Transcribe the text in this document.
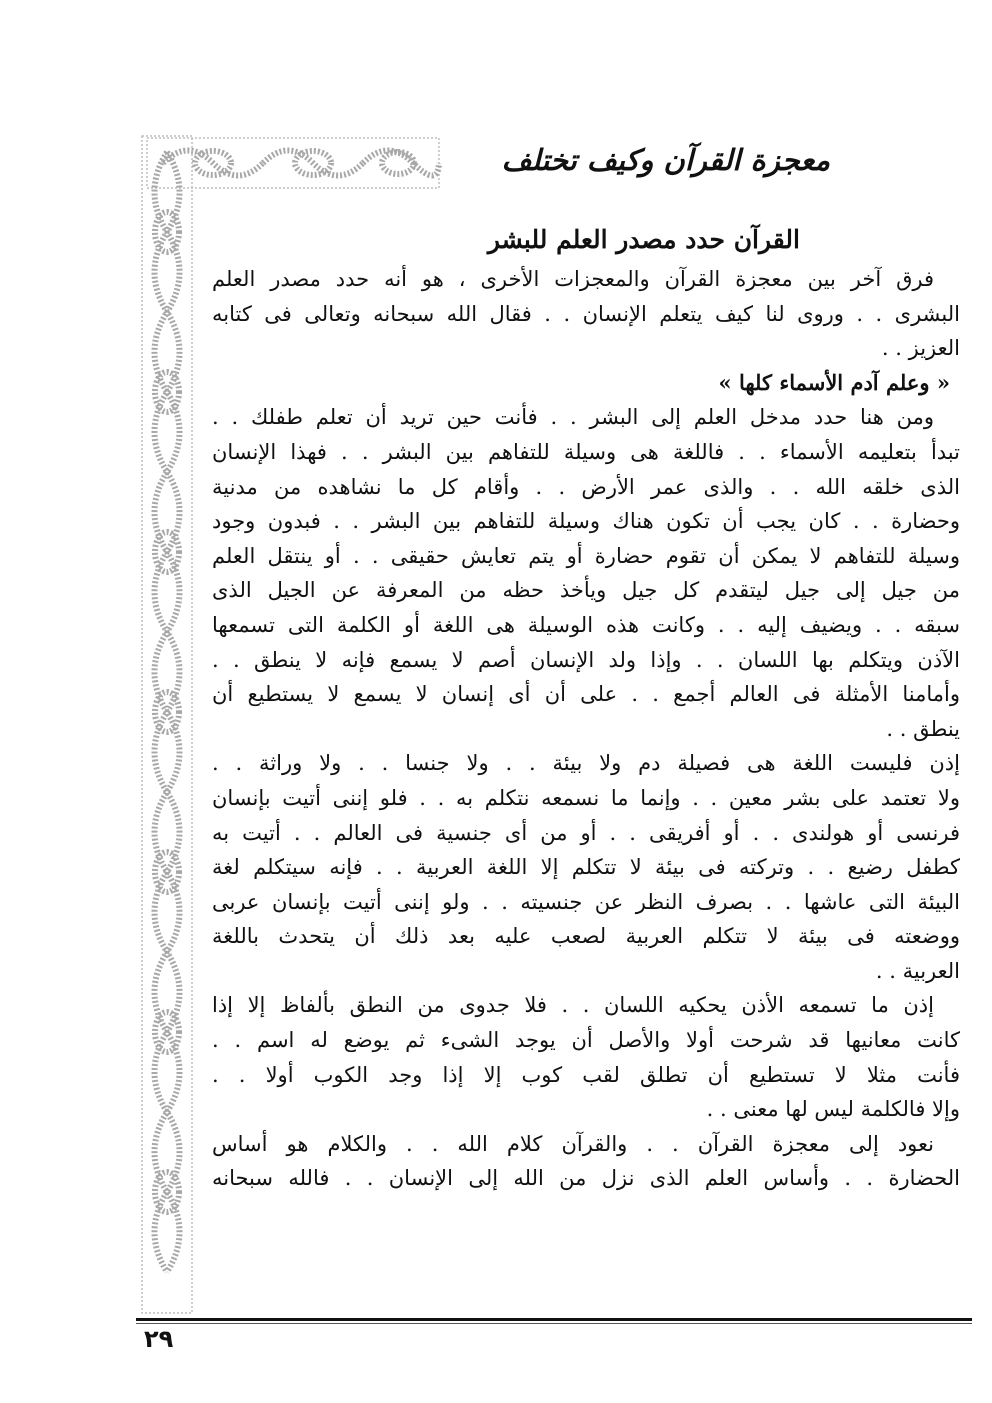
معجزة القرآن وكيف تختلف
القرآن حدد مصدر العلم للبشر
فرق آخر بين معجزة القرآن والمعجزات الأخرى ، هو أنه حدد مصدر العلم
البشرى . . وروى لنا كيف يتعلم الإنسان . . فقال الله سبحانه وتعالى فى كتابه
العزيز . .
« وعلم آدم الأسماء كلها »
ومن هنا حدد مدخل العلم إلى البشر . . فأنت حين تريد أن تعلم طفلك . .
تبدأ بتعليمه الأسماء . . فاللغة هى وسيلة للتفاهم بين البشر . . فهذا الإنسان
الذى خلقه الله . . والذى عمر الأرض . . وأقام كل ما نشاهده من مدنية
وحضارة . . كان يجب أن تكون هناك وسيلة للتفاهم بين البشر . . فبدون وجود
وسيلة للتفاهم لا يمكن أن تقوم حضارة أو يتم تعايش حقيقى . . أو ينتقل العلم
من جيل إلى جيل ليتقدم كل جيل ويأخذ حظه من المعرفة عن الجيل الذى
سبقه . . ويضيف إليه . . وكانت هذه الوسيلة هى اللغة أو الكلمة التى تسمعها
الآذن ويتكلم بها اللسان . . وإذا ولد الإنسان أصم لا يسمع فإنه لا ينطق . .
وأمامنا الأمثلة فى العالم أجمع . . على أن أى إنسان لا يسمع لا يستطيع أن
ينطق . .
إذن فليست اللغة هى فصيلة دم ولا بيئة . . ولا جنسا . . ولا وراثة . .
ولا تعتمد على بشر معين . . وإنما ما نسمعه نتكلم به . . فلو إننى أتيت بإنسان
فرنسى أو هولندى . . أو أفريقى . . أو من أى جنسية فى العالم . . أتيت به
كطفل رضيع . . وتركته فى بيئة لا تتكلم إلا اللغة العربية . . فإنه سيتكلم لغة
البيئة التى عاشها . . بصرف النظر عن جنسيته . . ولو إننى أتيت بإنسان عربى
ووضعته فى بيئة لا تتكلم العربية لصعب عليه بعد ذلك أن يتحدث باللغة
العربية . .
إذن ما تسمعه الأذن يحكيه اللسان . . فلا جدوى من النطق بألفاظ إلا إذا
كانت معانيها قد شرحت أولا والأصل أن يوجد الشىء ثم يوضع له اسم . .
فأنت مثلا لا تستطيع أن تطلق لقب كوب إلا إذا وجد الكوب أولا . .
وإلا فالكلمة ليس لها معنى . .
نعود إلى معجزة القرآن . . والقرآن كلام الله . . والكلام هو أساس
الحضارة . . وأساس العلم الذى نزل من الله إلى الإنسان . . فالله سبحانه
٢٩
